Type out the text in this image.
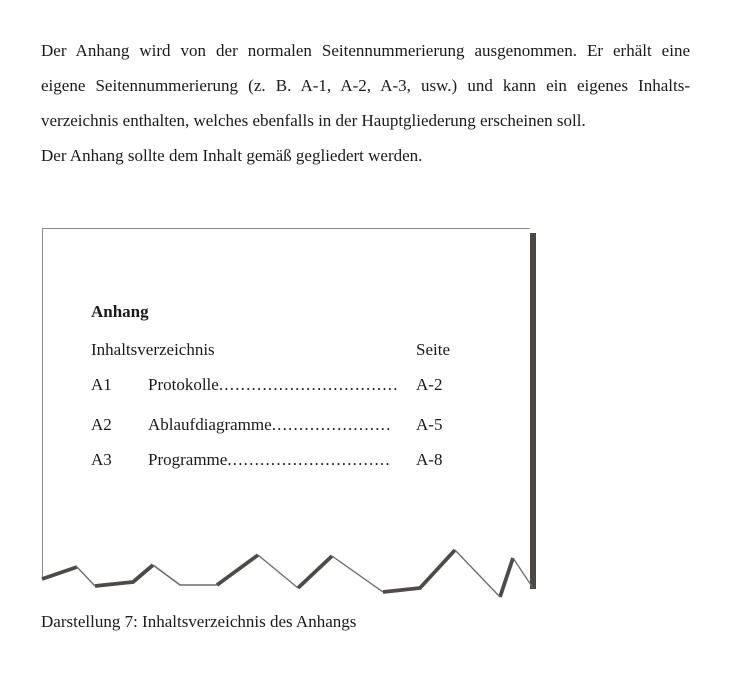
Der Anhang wird von der normalen Seitennummerierung ausgenommen. Er erhält eine
eigene Seitennummerierung (z. B. A-1, A-2, A-3, usw.) und kann ein eigenes Inhalts-
verzeichnis enthalten, welches ebenfalls in der Hauptgliederung erscheinen soll.
Der Anhang sollte dem Inhalt gemäß gegliedert werden.
Anhang
Inhaltsverzeichnis	Seite
A1	Protokolle.................................	A-2
A2	Ablaufdiagramme......................	A-5
A3	Programme..............................	A-8
Darstellung 7: Inhaltsverzeichnis des Anhangs
